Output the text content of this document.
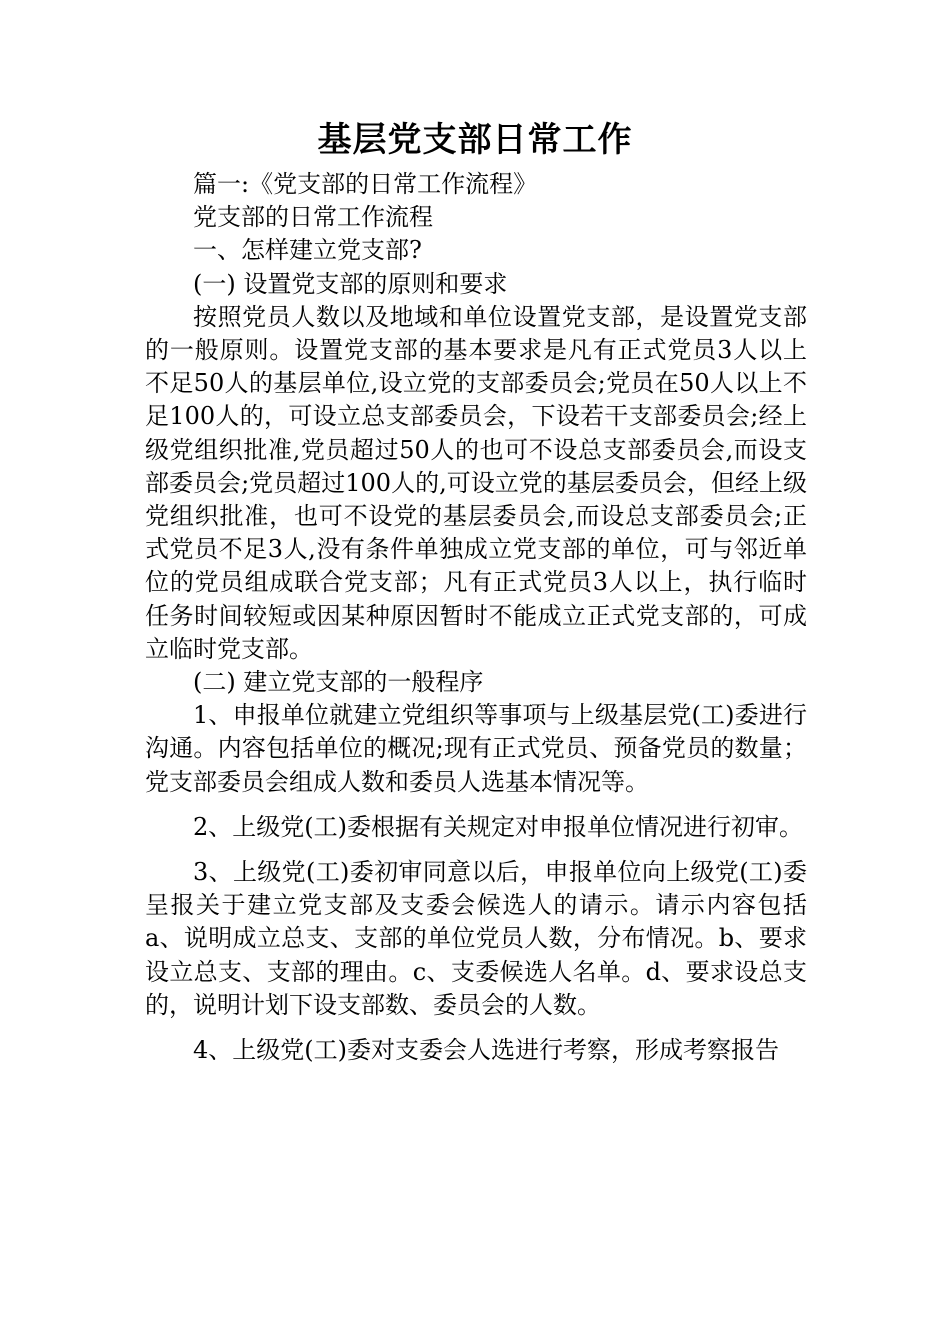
基层党支部日常工作

篇一:《党支部的日常工作流程》

党支部的日常工作流程

一、怎样建立党支部?

(一) 设置党支部的原则和要求

按照党员人数以及地域和单位设置党支部，是设置党支部的一般原则。设置党支部的基本要求是凡有正式党员3人以上不足50人的基层单位,设立党的支部委员会;党员在50人以上不足100人的，可设立总支部委员会，下设若干支部委员会;经上级党组织批准,党员超过50人的也可不设总支部委员会,而设支部委员会;党员超过100人的,可设立党的基层委员会，但经上级党组织批准，也可不设党的基层委员会,而设总支部委员会;正式党员不足3人,没有条件单独成立党支部的单位，可与邻近单位的党员组成联合党支部；凡有正式党员3人以上，执行临时任务时间较短或因某种原因暂时不能成立正式党支部的，可成立临时党支部。

(二) 建立党支部的一般程序

1、申报单位就建立党组织等事项与上级基层党(工)委进行沟通。内容包括单位的概况;现有正式党员、预备党员的数量；党支部委员会组成人数和委员人选基本情况等。

2、上级党(工)委根据有关规定对申报单位情况进行初审。

3、上级党(工)委初审同意以后，申报单位向上级党(工)委呈报关于建立党支部及支委会候选人的请示。请示内容包括a、说明成立总支、支部的单位党员人数，分布情况。b、要求设立总支、支部的理由。c、支委候选人名单。d、要求设总支的，说明计划下设支部数、委员会的人数。

4、上级党(工)委对支委会人选进行考察，形成考察报告
